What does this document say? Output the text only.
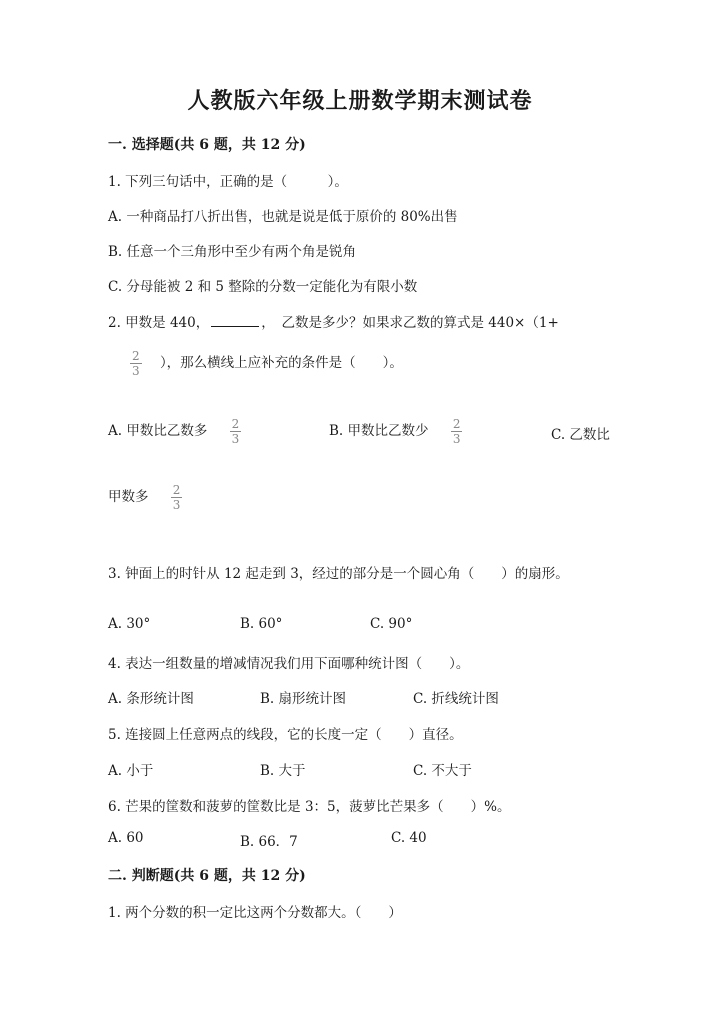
人教版六年级上册数学期末测试卷
一. 选择题(共 6 题，共 12 分)
1. 下列三句话中，正确的是（　　　）。
A. 一种商品打八折出售，也就是说是低于原价的 80%出售
B. 任意一个三角形中至少有两个角是锐角
C. 分母能被 2 和 5 整除的分数一定能化为有限小数
2. 甲数是 440，	，　乙数是多少？如果求乙数的算式是 440×（1+
$\frac{2}{3}$ ），那么横线上应补充的条件是（　　）。
A. 甲数比乙数多 $\frac{2}{3}$	B. 甲数比乙数少 $\frac{2}{3}$	C. 乙数比
甲数多 $\frac{2}{3}$
3. 钟面上的时针从 12 起走到 3，经过的部分是一个圆心角（　　）的扇形。
A. 30°	B. 60°	C. 90°
4. 表达一组数量的增减情况我们用下面哪种统计图（　　）。
A. 条形统计图	B. 扇形统计图	C. 折线统计图
5. 连接圆上任意两点的线段，它的长度一定（　　）直径。
A. 小于	B. 大于	C. 不大于
6. 芒果的筐数和菠萝的筐数比是 3：5，菠萝比芒果多（　　）%。
A. 60	B. 66．7	C. 40
二. 判断题(共 6 题，共 12 分)
1. 两个分数的积一定比这两个分数都大。（　　）
